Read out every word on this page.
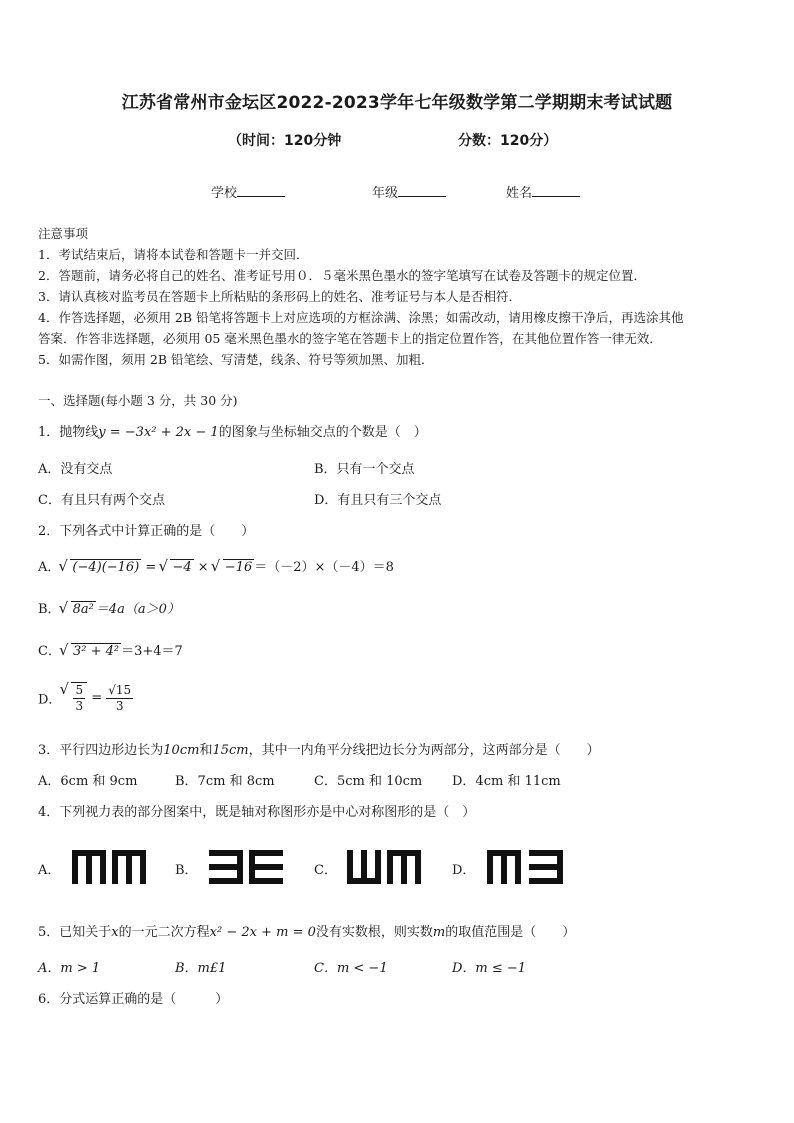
江苏省常州市金坛区2022-2023学年七年级数学第二学期期末考试试题
（时间：120分钟	分数：120分）
学校	年级	姓名
注意事项
1．考试结束后，请将本试卷和答题卡一并交回．
2．答题前，请务必将自己的姓名、准考证号用０．５毫米黑色墨水的签字笔填写在试卷及答题卡的规定位置．
3．请认真核对监考员在答题卡上所粘贴的条形码上的姓名、准考证号与本人是否相符．
4．作答选择题，必须用 2B 铅笔将答题卡上对应选项的方框涂满、涂黑；如需改动，请用橡皮擦干净后，再选涂其他
答案．作答非选择题，必须用 05 毫米黑色墨水的签字笔在答题卡上的指定位置作答，在其他位置作答一律无效．
5．如需作图，须用 2B 铅笔绘、写清楚，线条、符号等须加黑、加粗．
一、选择题(每小题 3 分，共 30 分)
1．抛物线y = −3x² + 2x − 1的图象与坐标轴交点的个数是（　）
A．没有交点	B．只有一个交点
C．有且只有两个交点	D．有且只有三个交点
2．下列各式中计算正确的是（　　）
A． √ (−4)(−16) = √ −4 × √ −16 ＝（－2）×（－4）＝8
B． √ 8a² ＝4a（a＞0）
C． √ 3² + 4² ＝3+4＝7
D． √ $\frac{5}{3} = \frac{√15}{3}$
3．平行四边形边长为10cm和15cm，其中一内角平分线把边长分为两部分，这两部分是（　　）
A．6cm 和 9cm	B．7cm 和 8cm	C．5cm 和 10cm D．4cm 和 11cm
4．下列视力表的部分图案中，既是轴对称图形亦是中心对称图形的是（　）
A．	B．	C．	D．
5．已知关于x的一元二次方程x² − 2x + m = 0没有实数根，则实数m的取值范围是（　　）
A．m > 1	B．m£1	C．m < −1	D．m ≤ −1
6．分式运算正确的是（　　　）
